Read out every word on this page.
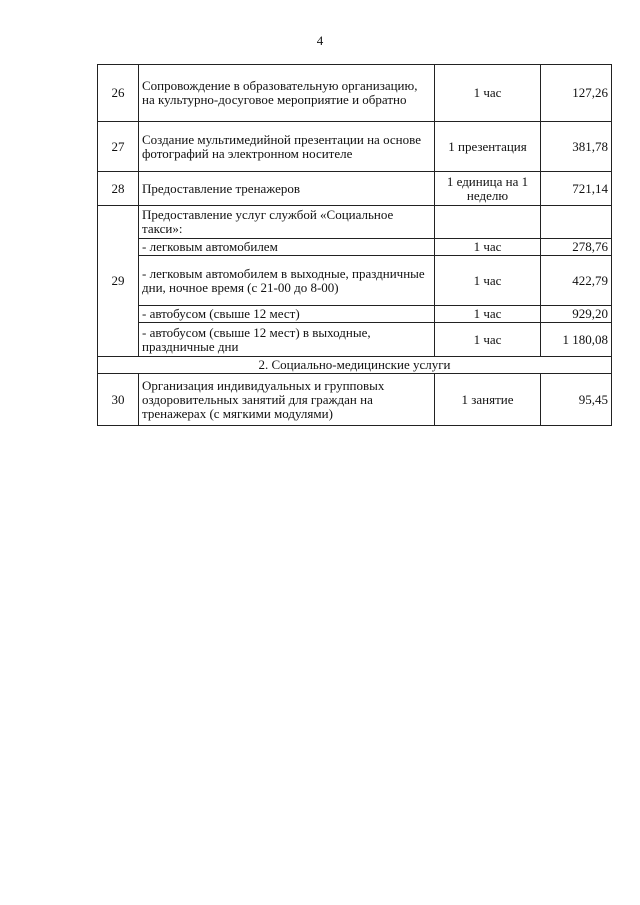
4
26	Сопровождение в образовательную организацию, на культурно-досуговое мероприятие и обратно	1 час	127,26
27	Создание мультимедийной презентации на основе фотографий на электронном носителе	1 презентация	381,78
28	Предоставление тренажеров	1 единица на 1 неделю	721,14
29	Предоставление услуг службой «Социальное такси»:		
	- легковым автомобилем	1 час	278,76
	- легковым автомобилем в выходные, праздничные дни, ночное время (с 21-00 до 8-00)	1 час	422,79
	- автобусом (свыше 12 мест)	1 час	929,20
	- автобусом (свыше 12 мест) в выходные, праздничные дни	1 час	1 180,08
2. Социально-медицинские услуги			
30	Организация индивидуальных и групповых оздоровительных занятий для граждан на тренажерах (с мягкими модулями)	1 занятие	95,45
